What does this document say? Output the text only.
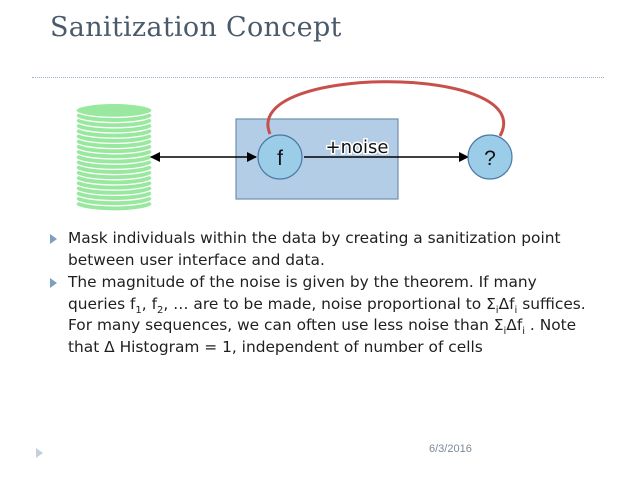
Sanitization Concept
f	?
+noise
Mask individuals within the data by creating a sanitization point between user interface and data.
The magnitude of the noise is given by the theorem. If many queries $f_1$, $f_2$, … are to be made, noise proportional to $\Sigma_i\Delta f_i$ suffices. For many sequences, we can often use less noise than $\Sigma_i\Delta f_i$ . Note that Δ Histogram = 1, independent of number of cells
6/3/2016
